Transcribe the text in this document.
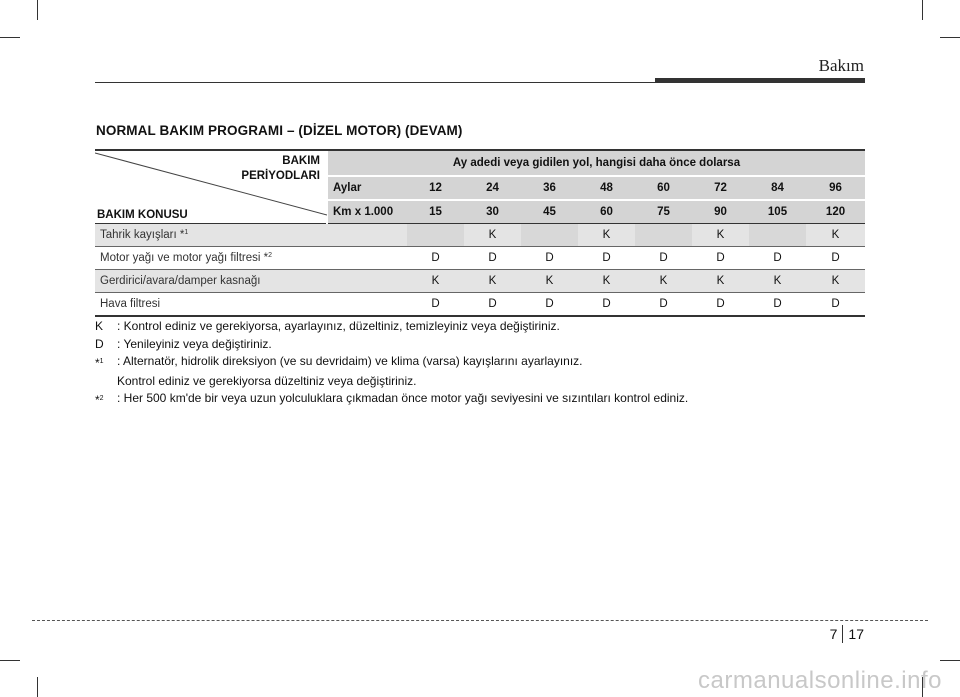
Bakım
NORMAL BAKIM PROGRAMI – (DİZEL MOTOR) (DEVAM)
BAKIM
PERİYODLARI
BAKIM KONUSU	Ay adedi veya gidilen yol, hangisi daha önce dolarsa								
	Aylar	12	24	36	48	60	72	84	96
	Km x 1.000	15	30	45	60	75	90	105	120
Tahrik kayışları *$^1$			K		K		K		K
Motor yağı ve motor yağı filtresi *$^2$		D	D	D	D	D	D	D	D
Gerdirici/avara/damper kasnağı		K	K	K	K	K	K	K	K
Hava filtresi		D	D	D	D	D	D	D	D
K	: Kontrol ediniz ve gerekiyorsa, ayarlayınız, düzeltiniz, temizleyiniz veya değiştiriniz.
D	: Yenileyiniz veya değiştiriniz.
*$^1$	: Alternatör, hidrolik direksiyon (ve su devridaim) ve klima (varsa) kayışlarını ayarlayınız.
Kontrol ediniz ve gerekiyorsa düzeltiniz veya değiştiriniz.
*$^2$	: Her 500 km'de bir veya uzun yolculuklara çıkmadan önce motor yağı seviyesini ve sızıntıları kontrol ediniz.
7 17
carmanualsonline.info
